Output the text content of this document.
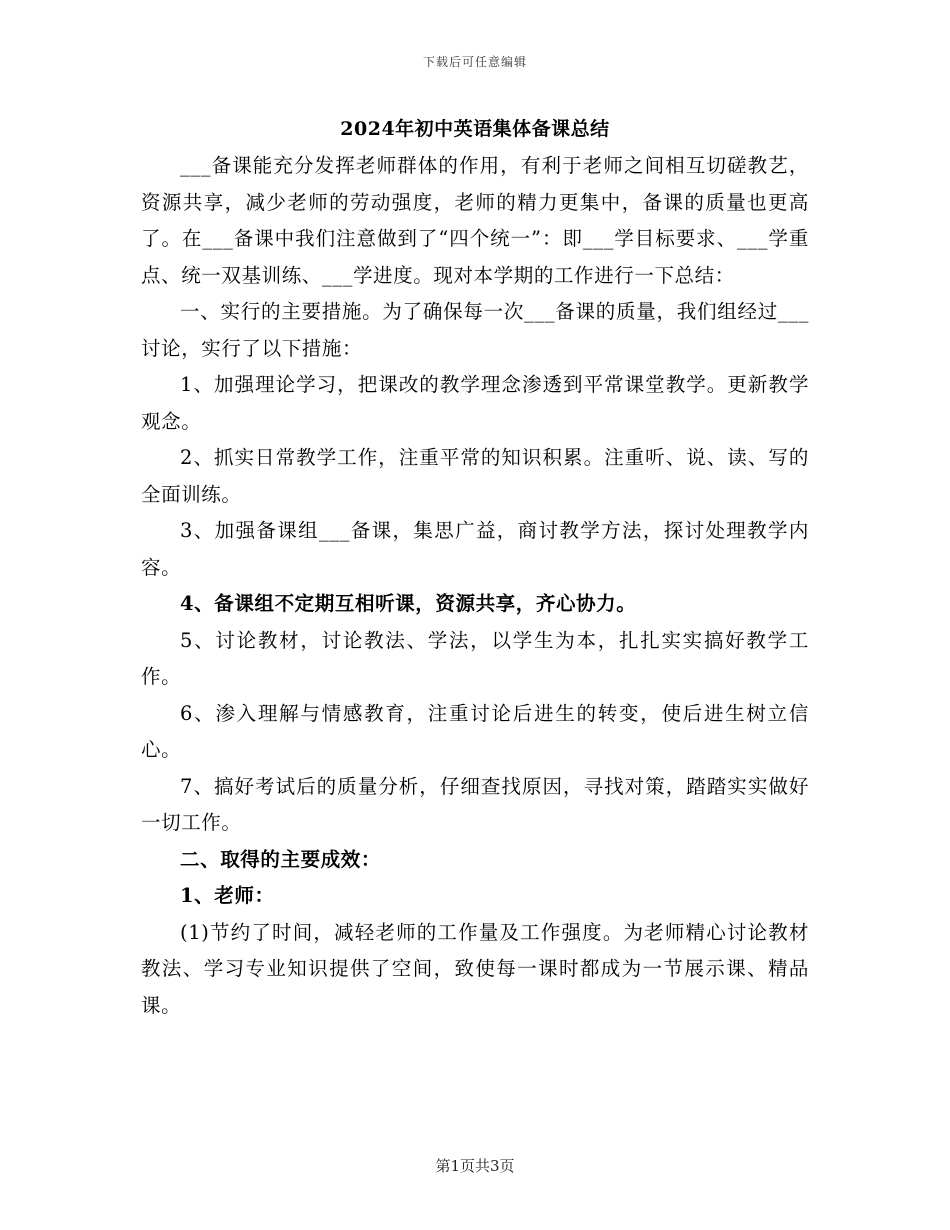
下载后可任意编辑
2024年初中英语集体备课总结

___备课能充分发挥老师群体的作用，有利于老师之间相互切磋教艺，资源共享，减少老师的劳动强度，老师的精力更集中，备课的质量也更高了。在___备课中我们注意做到了“四个统一”：即___学目标要求、___学重点、统一双基训练、___学进度。现对本学期的工作进行一下总结：

一、实行的主要措施。为了确保每一次___备课的质量，我们组经过___讨论，实行了以下措施：

1、加强理论学习，把课改的教学理念渗透到平常课堂教学。更新教学观念。

2、抓实日常教学工作，注重平常的知识积累。注重听、说、读、写的全面训练。

3、加强备课组___备课，集思广益，商讨教学方法，探讨处理教学内容。

4、备课组不定期互相听课，资源共享，齐心协力。

5、讨论教材，讨论教法、学法，以学生为本，扎扎实实搞好教学工作。

6、渗入理解与情感教育，注重讨论后进生的转变，使后进生树立信心。

7、搞好考试后的质量分析，仔细查找原因，寻找对策，踏踏实实做好一切工作。

二、取得的主要成效：

1、老师：

(1)节约了时间，减轻老师的工作量及工作强度。为老师精心讨论教材教法、学习专业知识提供了空间，致使每一课时都成为一节展示课、精品课。

第1页共3页
